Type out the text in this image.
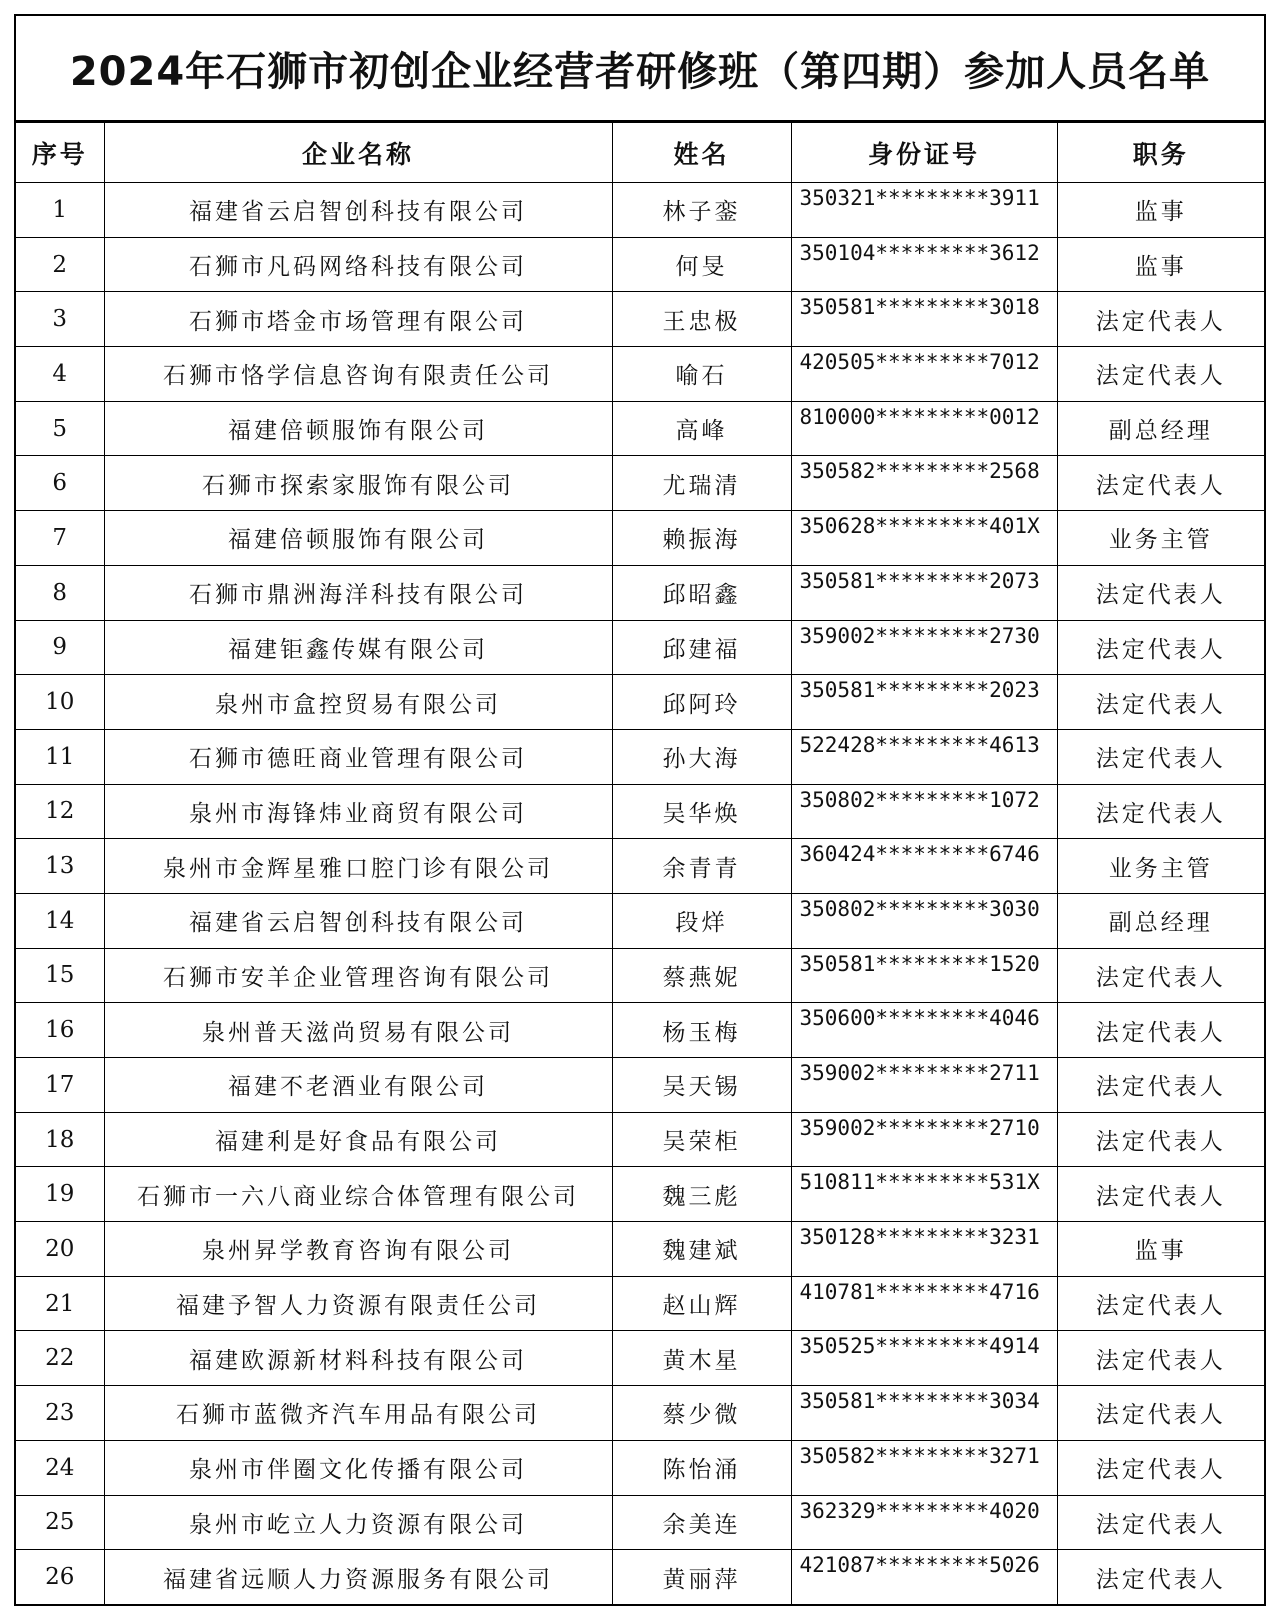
2024年石狮市初创企业经营者研修班（第四期）参加人员名单
序号	企业名称	姓名	身份证号	职务
1	福建省云启智创科技有限公司	林子銮	350321*********3911	监事
2	石狮市凡码网络科技有限公司	何旻	350104*********3612	监事
3	石狮市塔金市场管理有限公司	王忠极	350581*********3018	法定代表人
4	石狮市恪学信息咨询有限责任公司	喻石	420505*********7012	法定代表人
5	福建倍顿服饰有限公司	高峰	810000*********0012	副总经理
6	石狮市探索家服饰有限公司	尤瑞清	350582*********2568	法定代表人
7	福建倍顿服饰有限公司	赖振海	350628*********401X	业务主管
8	石狮市鼎洲海洋科技有限公司	邱昭鑫	350581*********2073	法定代表人
9	福建钜鑫传媒有限公司	邱建福	359002*********2730	法定代表人
10	泉州市盒控贸易有限公司	邱阿玲	350581*********2023	法定代表人
11	石狮市德旺商业管理有限公司	孙大海	522428*********4613	法定代表人
12	泉州市海锋炜业商贸有限公司	吴华焕	350802*********1072	法定代表人
13	泉州市金辉星雅口腔门诊有限公司	余青青	360424*********6746	业务主管
14	福建省云启智创科技有限公司	段烊	350802*********3030	副总经理
15	石狮市安羊企业管理咨询有限公司	蔡燕妮	350581*********1520	法定代表人
16	泉州普天滋尚贸易有限公司	杨玉梅	350600*********4046	法定代表人
17	福建不老酒业有限公司	吴天锡	359002*********2711	法定代表人
18	福建利是好食品有限公司	吴荣柜	359002*********2710	法定代表人
19	石狮市一六八商业综合体管理有限公司	魏三彪	510811*********531X	法定代表人
20	泉州昇学教育咨询有限公司	魏建斌	350128*********3231	监事
21	福建予智人力资源有限责任公司	赵山辉	410781*********4716	法定代表人
22	福建欧源新材料科技有限公司	黄木星	350525*********4914	法定代表人
23	石狮市蓝微齐汽车用品有限公司	蔡少微	350581*********3034	法定代表人
24	泉州市伴圈文化传播有限公司	陈怡涌	350582*********3271	法定代表人
25	泉州市屹立人力资源有限公司	余美连	362329*********4020	法定代表人
26	福建省远顺人力资源服务有限公司	黄丽萍	421087*********5026	法定代表人
